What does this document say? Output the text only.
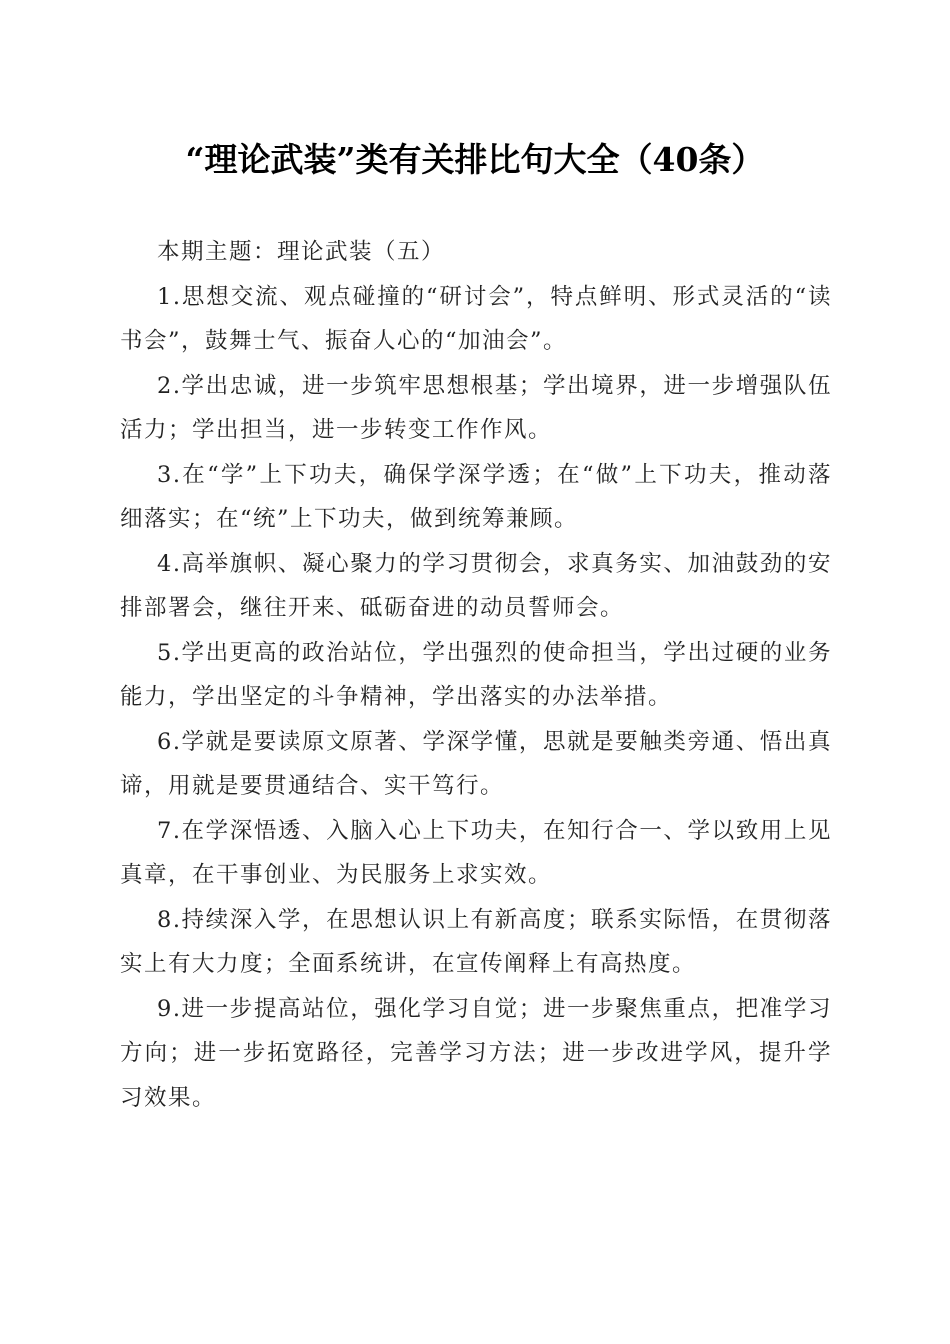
“理论武装”类有关排比句大全（40条）

本期主题：理论武装（五）

1.思想交流、观点碰撞的“研讨会”，特点鲜明、形式灵活的“读书会”，鼓舞士气、振奋人心的“加油会”。

2.学出忠诚，进一步筑牢思想根基；学出境界，进一步增强队伍活力；学出担当，进一步转变工作作风。

3.在“学”上下功夫，确保学深学透；在“做”上下功夫，推动落细落实；在“统”上下功夫，做到统筹兼顾。

4.高举旗帜、凝心聚力的学习贯彻会，求真务实、加油鼓劲的安排部署会，继往开来、砥砺奋进的动员誓师会。

5.学出更高的政治站位，学出强烈的使命担当，学出过硬的业务能力，学出坚定的斗争精神，学出落实的办法举措。

6.学就是要读原文原著、学深学懂，思就是要触类旁通、悟出真谛，用就是要贯通结合、实干笃行。

7.在学深悟透、入脑入心上下功夫，在知行合一、学以致用上见真章，在干事创业、为民服务上求实效。

8.持续深入学，在思想认识上有新高度；联系实际悟，在贯彻落实上有大力度；全面系统讲，在宣传阐释上有高热度。

9.进一步提高站位，强化学习自觉；进一步聚焦重点，把准学习方向；进一步拓宽路径，完善学习方法；进一步改进学风，提升学习效果。
